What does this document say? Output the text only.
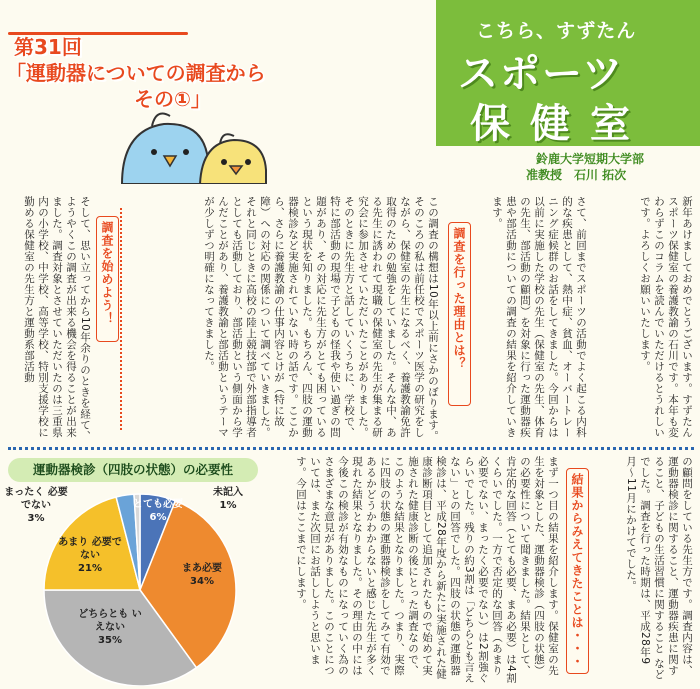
第31回
「運動器についての調査から
その①」
こちら、すずたん
スポーツ
保健室
鈴鹿大学短期大学部
准教授　石川 拓次
新年あけましておめでとうございます。すずたんスポーツ保健室の養護教諭の石川です。本年も変わらずこのコラムを読んでいただけるとうれしいです。よろしくお願いいたします。
さて、前回までスポーツの活動でよく起こる内科的な疾患として、熱中症、貧血、オーバートレーニング症候群のお話をしてきました。今回からは以前に実施した学校の先生（保健室の先生、体育の先生、部活動の顧問）を対象に行った運動器疾患や部活動についての調査の結果を紹介していきます。
調査を行った理由とは？
この調査の構想は10年以上前にさかのぼります。そのころの私は前任校でスポーツ医学の研究をしながら、保健室の先生になるべく、養護教諭免許取得のための勉強をしていました。そんな中、ある先生に誘われて現職の保健室の先生が集まる研究会に参加させていただいたことがありました。そのときに先生方と話していくうちに、学校で、特に部活動の現場で子どもの怪我や使い過ぎの問題があり、その対応に先生方がとても困っているという現状を知りました。もちろん、四肢の運動器検診など実施されていない時の話です。ここから、さらに養護教諭の仕事内容とけが（特に故障）への対応の関係について調べていきました。それと同じときに高校の陸上競技部で外部指導者としても活動しており、部活動という側面から学んだことがあり、養護教諭と部活動というテーマが少しずつ明確になってきました。
調査を始めよう！
そして、思い立ってから10年余りのときを経て、ようやくこの調査が出来る機会を得ることが出来ました。調査対象とさせていただいたのは三重県内の小学校、中学校、高等学校、特別支援学校に勤める保健室の先生方と運動系部活動
の顧問をしている先生方です。調査内容は、運動器検診に関すること、運動器疾患に関すること、子どもの生活習慣に関すること などでした。調査を行った時期は、平成28年9月〜11月にかけてでした。
結果からみえてきたことは・・・
まず一つ目の結果を紹介します。保健室の先生を対象とした、運動器検診（四肢の状態）の必要性について聞きました。結果として、肯定的な回答（とても必要、まあ必要）は4割くらいでした。一方で否定的な回答（あまり必要でない、まったく必要でない）は2割強ぐらいでした。残りの約3割は「どちらとも言えない」との回答でした。四肢の状態の運動器検診は、平成28年度から新たに実施された健康診断項目として追加されたもので始めて実施された健康診断の後にとった調査なので、このような結果となりました。つまり、実際に四肢の状態の運動器検診をしてみて有効であるかどうかわからないと感じた先生が多く現れた結果となりました。その理由の中には今後この検診が有効なものになっていく為のさまざまな意見がありました。このことについては、また次回にお話ししようと思います。今回はここまでにします。
運動器検診（四肢の状態）の必要性
とても必要
6%
まあ必要
34%
どちらとも いえない
35%
あまり 必要でない
21%
まったく 必要でない
3%
未記入
1%
